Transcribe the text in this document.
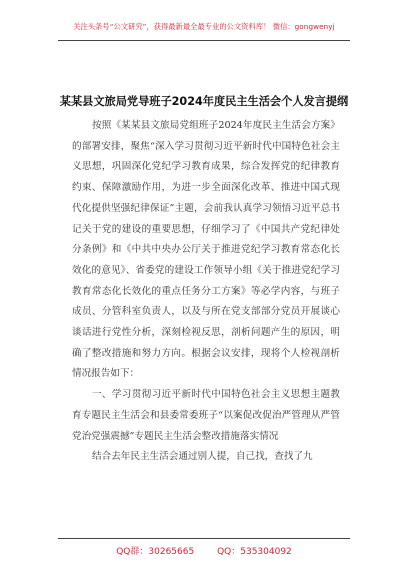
关注头条号“公文研究”，获得最新最全最专业的公文资料库！ 微信：gongwenyj
某某县文旅局党导班子2024年度民主生活会个人发言提纲

按照《某某县文旅局党组班子2024年度民主生活会方案》的部署安排，聚焦“深入学习贯彻习近平新时代中国特色社会主义思想，巩固深化党纪学习教育成果，综合发挥党的纪律教育约束、保障激励作用，为进一步全面深化改革、推进中国式现代化提供坚强纪律保证”主题，会前我认真学习领悟习近平总书记关于党的建设的重要思想，仔细学习了《中国共产党纪律处分条例》和《中共中央办公厅关于推进党纪学习教育常态化长效化的意见》、省委党的建设工作领导小组《关于推进党纪学习教育常态化长效化的重点任务分工方案》等必学内容，与班子成员、分管科室负责人，以及与所在党支部部分党员开展谈心谈话进行党性分析，深刻检视反思，剖析问题产生的原因，明确了整改措施和努力方向。根据会议安排，现将个人检视剖析情况报告如下：

一、学习贯彻习近平新时代中国特色社会主义思想主题教育专题民主生活会和县委常委班子“以案促改促治严管理从严管党治党强震撼”专题民主生活会整改措施落实情况

结合去年民主生活会通过别人提，自己找，查找了九

QQ群：30265665	QQ：535304092
